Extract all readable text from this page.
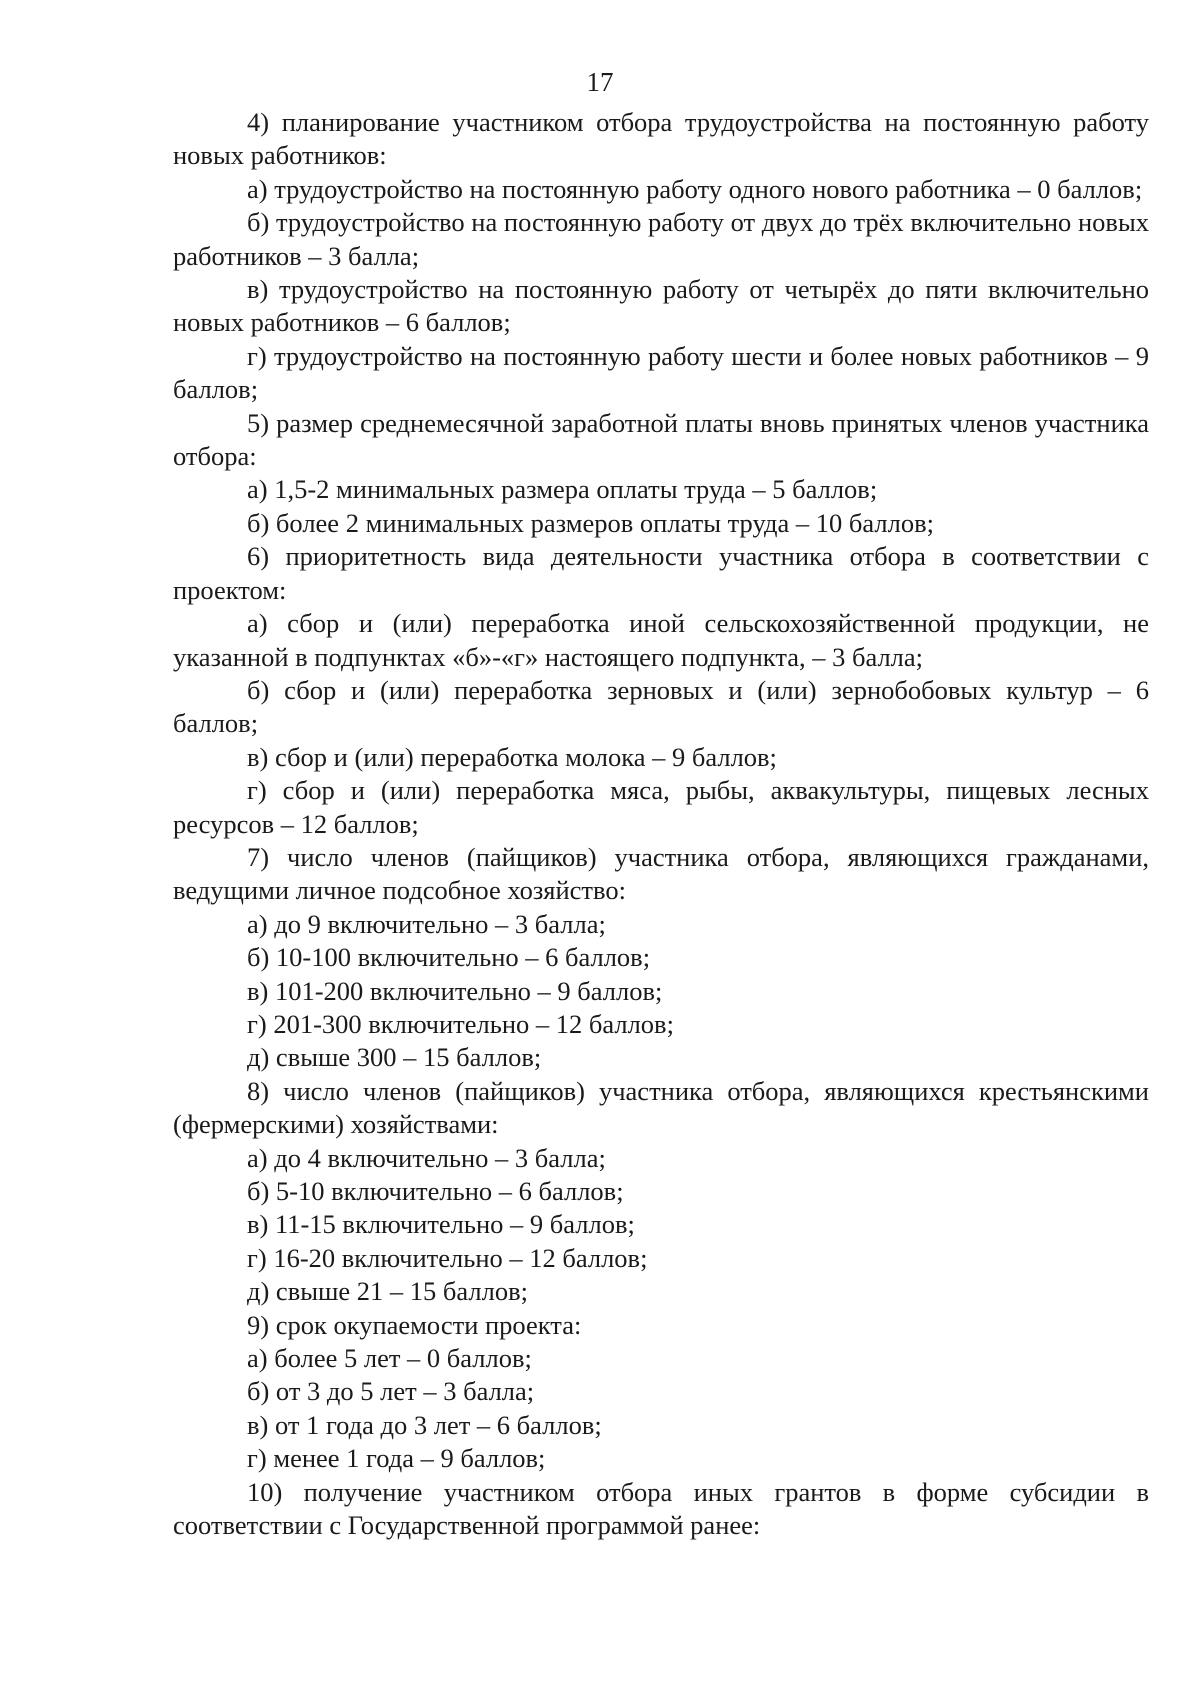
17

4) планирование участником отбора трудоустройства на постоянную работу новых работников:

а) трудоустройство на постоянную работу одного нового работника – 0 баллов;

б) трудоустройство на постоянную работу от двух до трёх включительно новых работников – 3 балла;

в) трудоустройство на постоянную работу от четырёх до пяти включительно новых работников – 6 баллов;

г) трудоустройство на постоянную работу шести и более новых работников – 9 баллов;

5) размер среднемесячной заработной платы вновь принятых членов участника отбора:

а) 1,5-2 минимальных размера оплаты труда – 5 баллов;

б) более 2 минимальных размеров оплаты труда – 10 баллов;

6) приоритетность вида деятельности участника отбора в соответствии с проектом:

а) сбор и (или) переработка иной сельскохозяйственной продукции, не указанной в подпунктах «б»-«г» настоящего подпункта, – 3 балла;

б) сбор и (или) переработка зерновых и (или) зернобобовых культур – 6 баллов;

в) сбор и (или) переработка молока – 9 баллов;

г) сбор и (или) переработка мяса, рыбы, аквакультуры, пищевых лесных ресурсов – 12 баллов;

7) число членов (пайщиков) участника отбора, являющихся гражданами, ведущими личное подсобное хозяйство:

а) до 9 включительно – 3 балла;

б) 10-100 включительно – 6 баллов;

в) 101-200 включительно – 9 баллов;

г) 201-300 включительно – 12 баллов;

д) свыше 300 – 15 баллов;

8) число членов (пайщиков) участника отбора, являющихся крестьянскими (фермерскими) хозяйствами:

а) до 4 включительно – 3 балла;

б) 5-10 включительно – 6 баллов;

в) 11-15 включительно – 9 баллов;

г) 16-20 включительно – 12 баллов;

д) свыше 21 – 15 баллов;

9) срок окупаемости проекта:

а) более 5 лет – 0 баллов;

б) от 3 до 5 лет – 3 балла;

в) от 1 года до 3 лет – 6 баллов;

г) менее 1 года – 9 баллов;

10) получение участником отбора иных грантов в форме субсидии в соответствии с Государственной программой ранее:
